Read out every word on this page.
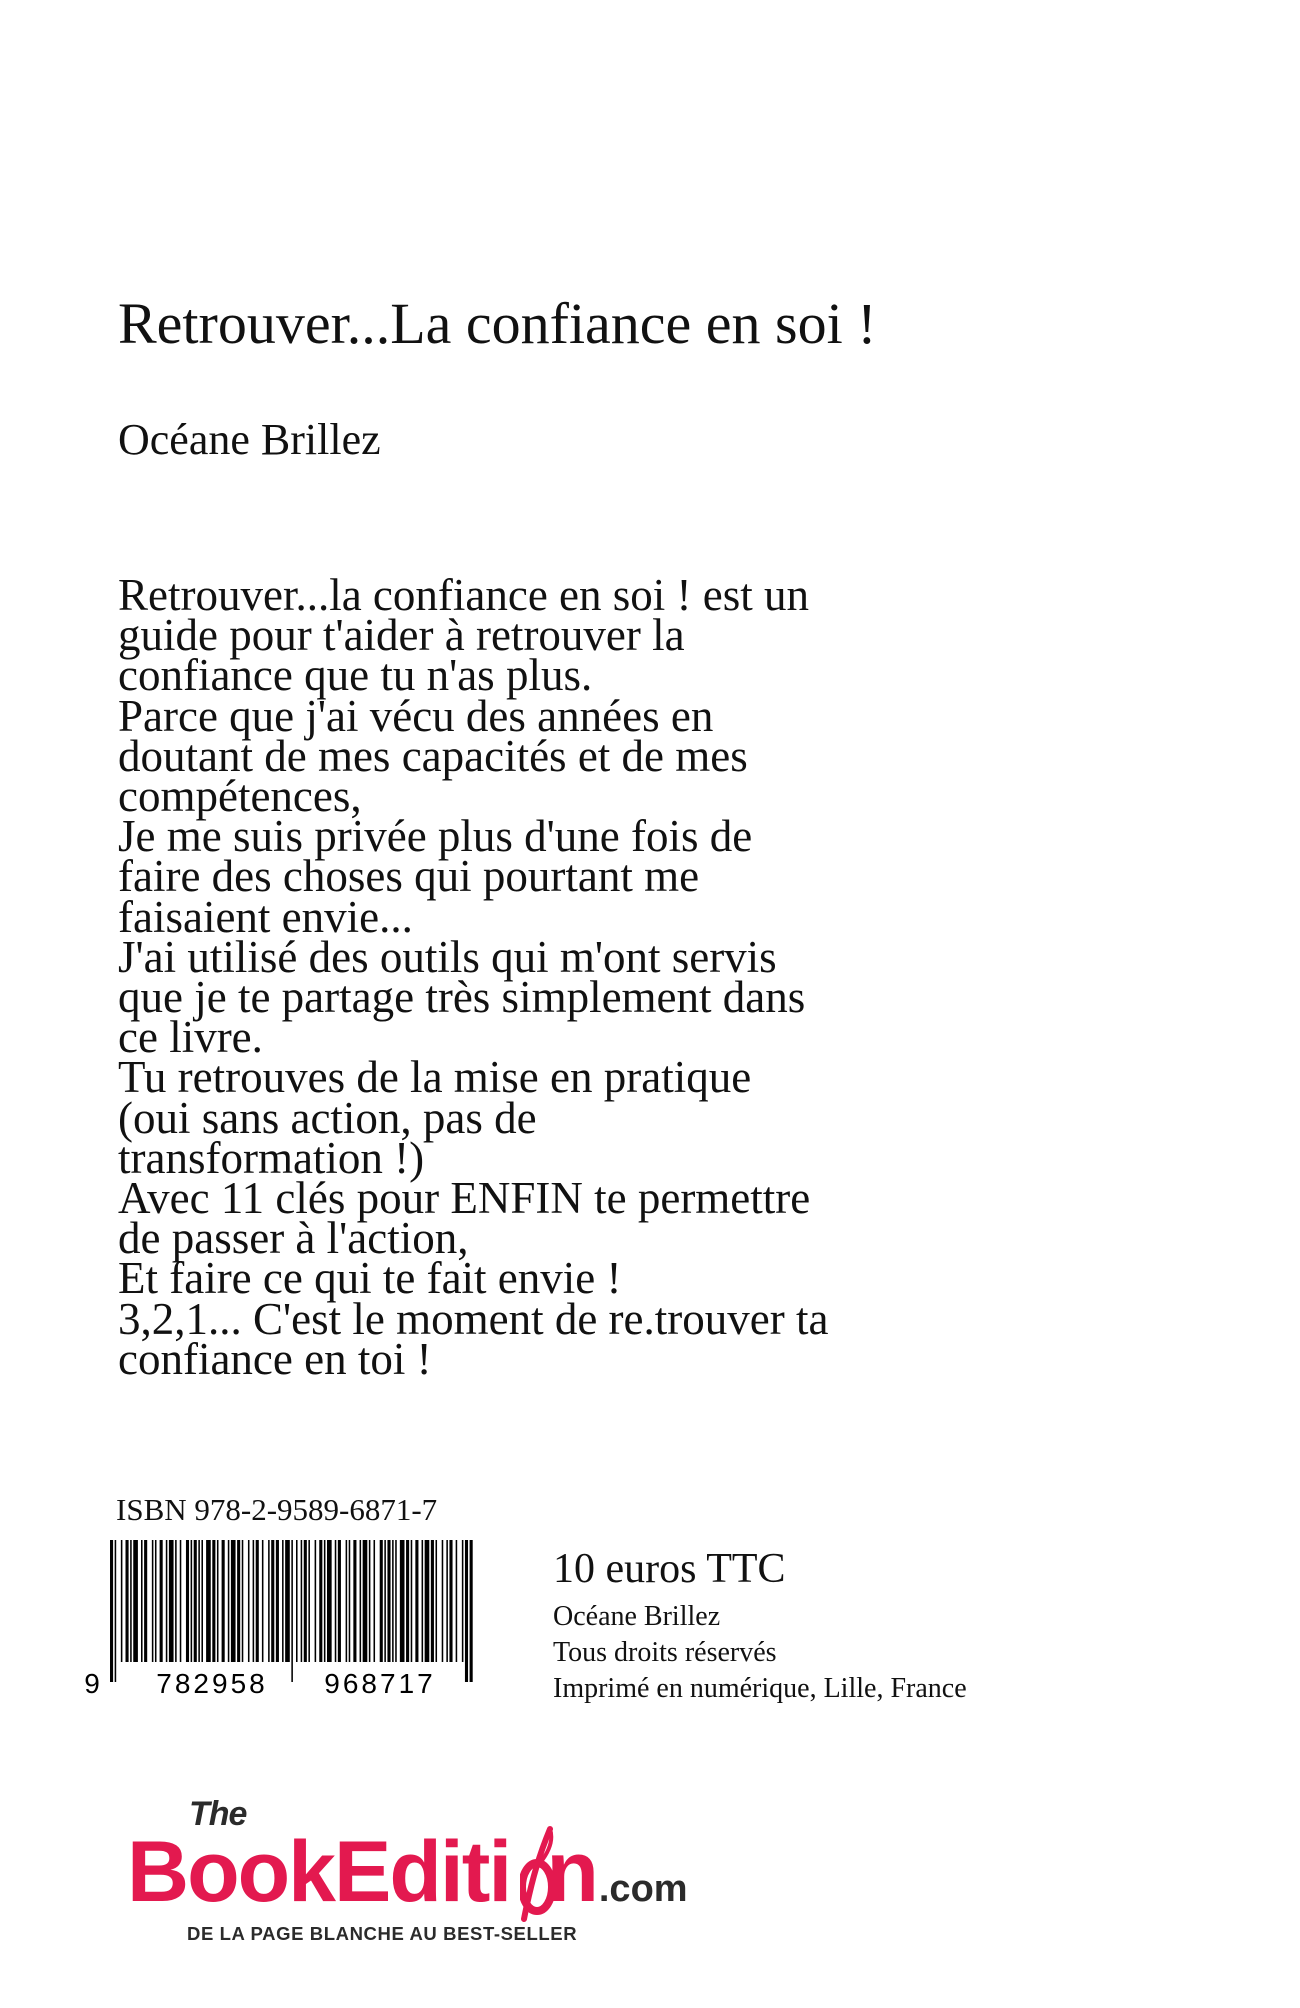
Retrouver...La confiance en soi !
Océane Brillez
Retrouver...la confiance en soi ! est un
guide pour t'aider à retrouver la
confiance que tu n'as plus.
Parce que j'ai vécu des années en
doutant de mes capacités et de mes
compétences,
Je me suis privée plus d'une fois de
faire des choses qui pourtant me
faisaient envie...
J'ai utilisé des outils qui m'ont servis
que je te partage très simplement dans
ce livre.
Tu retrouves de la mise en pratique
(oui sans action, pas de
transformation !)
Avec 11 clés pour ENFIN te permettre
de passer à l'action,
Et faire ce qui te fait envie !
3,2,1... C'est le moment de re.trouver ta
confiance en toi !
ISBN 978-2-9589-6871-7
9 782958 968717
10 euros TTC
Océane Brillez
Tous droits réservés
Imprimé en numérique, Lille, France
The
BookEditi n.com
DE LA PAGE BLANCHE AU BEST-SELLER
